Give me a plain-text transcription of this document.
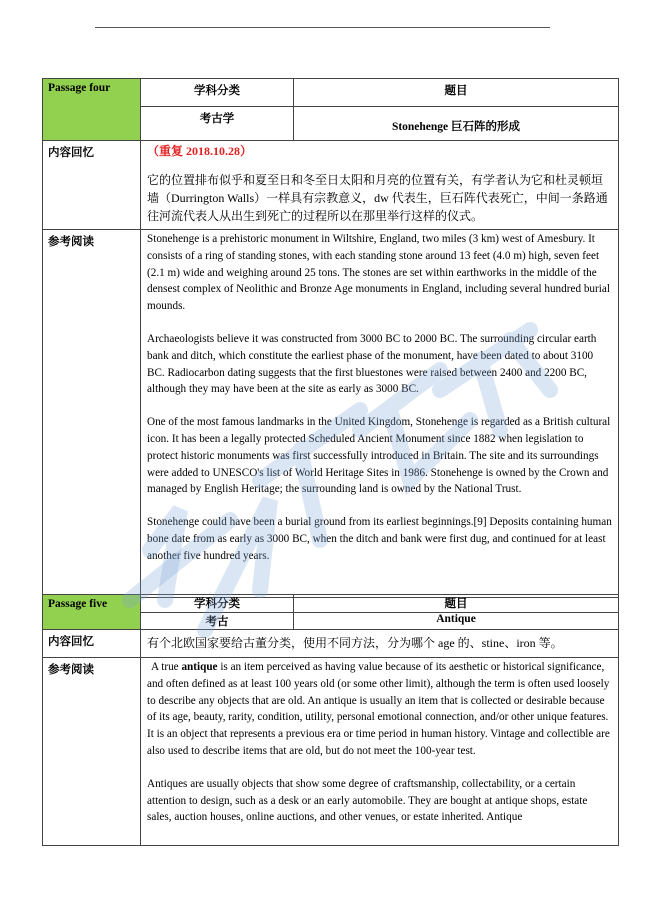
Passage four	学科分类	题目
	考古学	Stonehenge 巨石阵的形成
内容回忆	（重复 2018.10.28）
它的位置排布似乎和夏至日和冬至日太阳和月亮的位置有关，有学者认为它和杜灵顿垣墙（Durrington Walls）一样具有宗教意义，dw 代表生，巨石阵代表死亡，中间一条路通往河流代表人从出生到死亡的过程所以在那里举行这样的仪式。	

参考阅读	Stonehenge is a prehistoric monument in Wiltshire, England, two miles (3 km) west of Amesbury. It consists of a ring of standing stones, with each standing stone around 13 feet (4.0 m) high, seven feet (2.1 m) wide and weighing around 25 tons. The stones are set within earthworks in the middle of the densest complex of Neolithic and Bronze Age monuments in England, including several hundred burial mounds.

Archaeologists believe it was constructed from 3000 BC to 2000 BC. The surrounding circular earth bank and ditch, which constitute the earliest phase of the monument, have been dated to about 3100 BC. Radiocarbon dating suggests that the first bluestones were raised between 2400 and 2200 BC, although they may have been at the site as early as 3000 BC.

One of the most famous landmarks in the United Kingdom, Stonehenge is regarded as a British cultural icon. It has been a legally protected Scheduled Ancient Monument since 1882 when legislation to protect historic monuments was first successfully introduced in Britain. The site and its surroundings were added to UNESCO's list of World Heritage Sites in 1986. Stonehenge is owned by the Crown and managed by English Heritage; the surrounding land is owned by the National Trust.

Stonehenge could have been a burial ground from its earliest beginnings.[9] Deposits containing human bone date from as early as 3000 BC, when the ditch and bank were first dug, and continued for at least another five hundred years.	

Passage five	学科分类	题目
	考古	Antique
内容回忆	有个北欧国家要给古董分类，使用不同方法，分为哪个 age 的、stine、iron 等。	
参考阅读	A true antique is an item perceived as having value because of its aesthetic or historical significance, and often defined as at least 100 years old (or some other limit), although the term is often used loosely to describe any objects that are old. An antique is usually an item that is collected or desirable because of its age, beauty, rarity, condition, utility, personal emotional connection, and/or other unique features. It is an object that represents a previous era or time period in human history. Vintage and collectible are also used to describe items that are old, but do not meet the 100-year test.

Antiques are usually objects that show some degree of craftsmanship, collectability, or a certain attention to design, such as a desk or an early automobile. They are bought at antique shops, estate sales, auction houses, online auctions, and other venues, or estate inherited. Antique	
